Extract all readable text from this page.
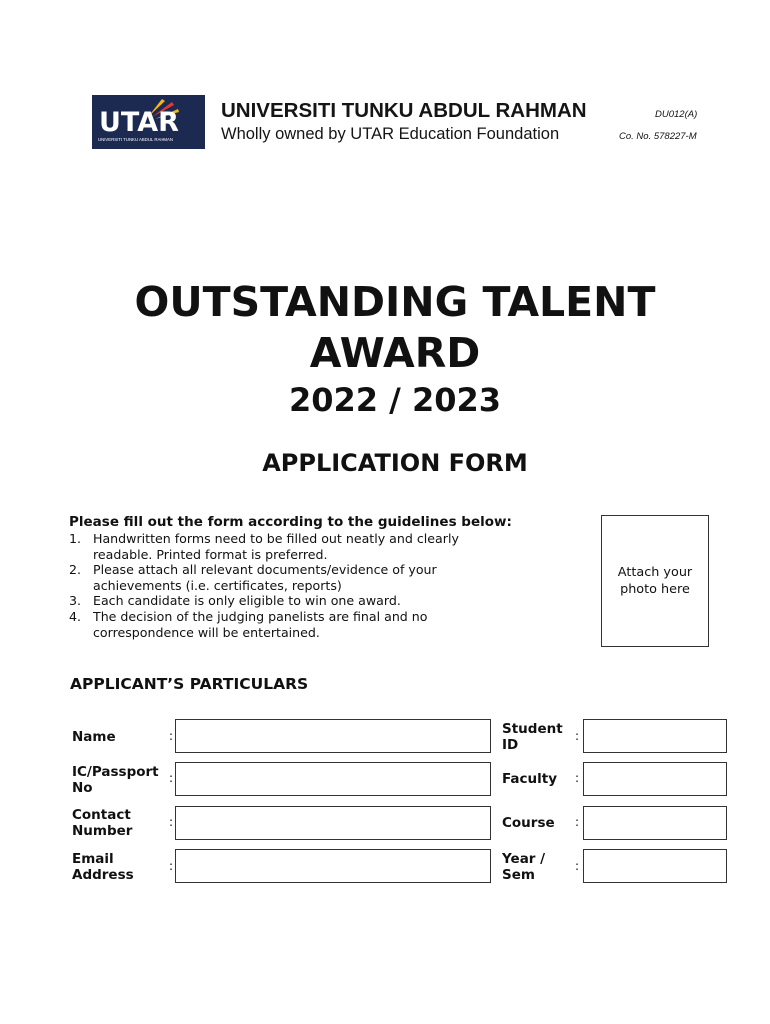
UTAR
UNIVERSITI TUNKU ABDUL RAHMAN
UNIVERSITI TUNKU ABDUL RAHMAN
Wholly owned by UTAR Education Foundation
DU012(A)
Co. No. 578227-M
OUTSTANDING TALENT
AWARD
2022 / 2023
APPLICATION FORM
Please fill out the form according to the guidelines below:
1. Handwritten forms need to be filled out neatly and clearly readable. Printed format is preferred.
2. Please attach all relevant documents/evidence of your achievements (i.e. certificates, reports)
3. Each candidate is only eligible to win one award.
4. The decision of the judging panelists are final and no correspondence will be entertained.
Attach your photo here
APPLICANT’S PARTICULARS
Name	:
IC/Passport No
:
Contact Number
:
Email Address
:
Student ID
:
Faculty :
Course :
Year / Sem
:
